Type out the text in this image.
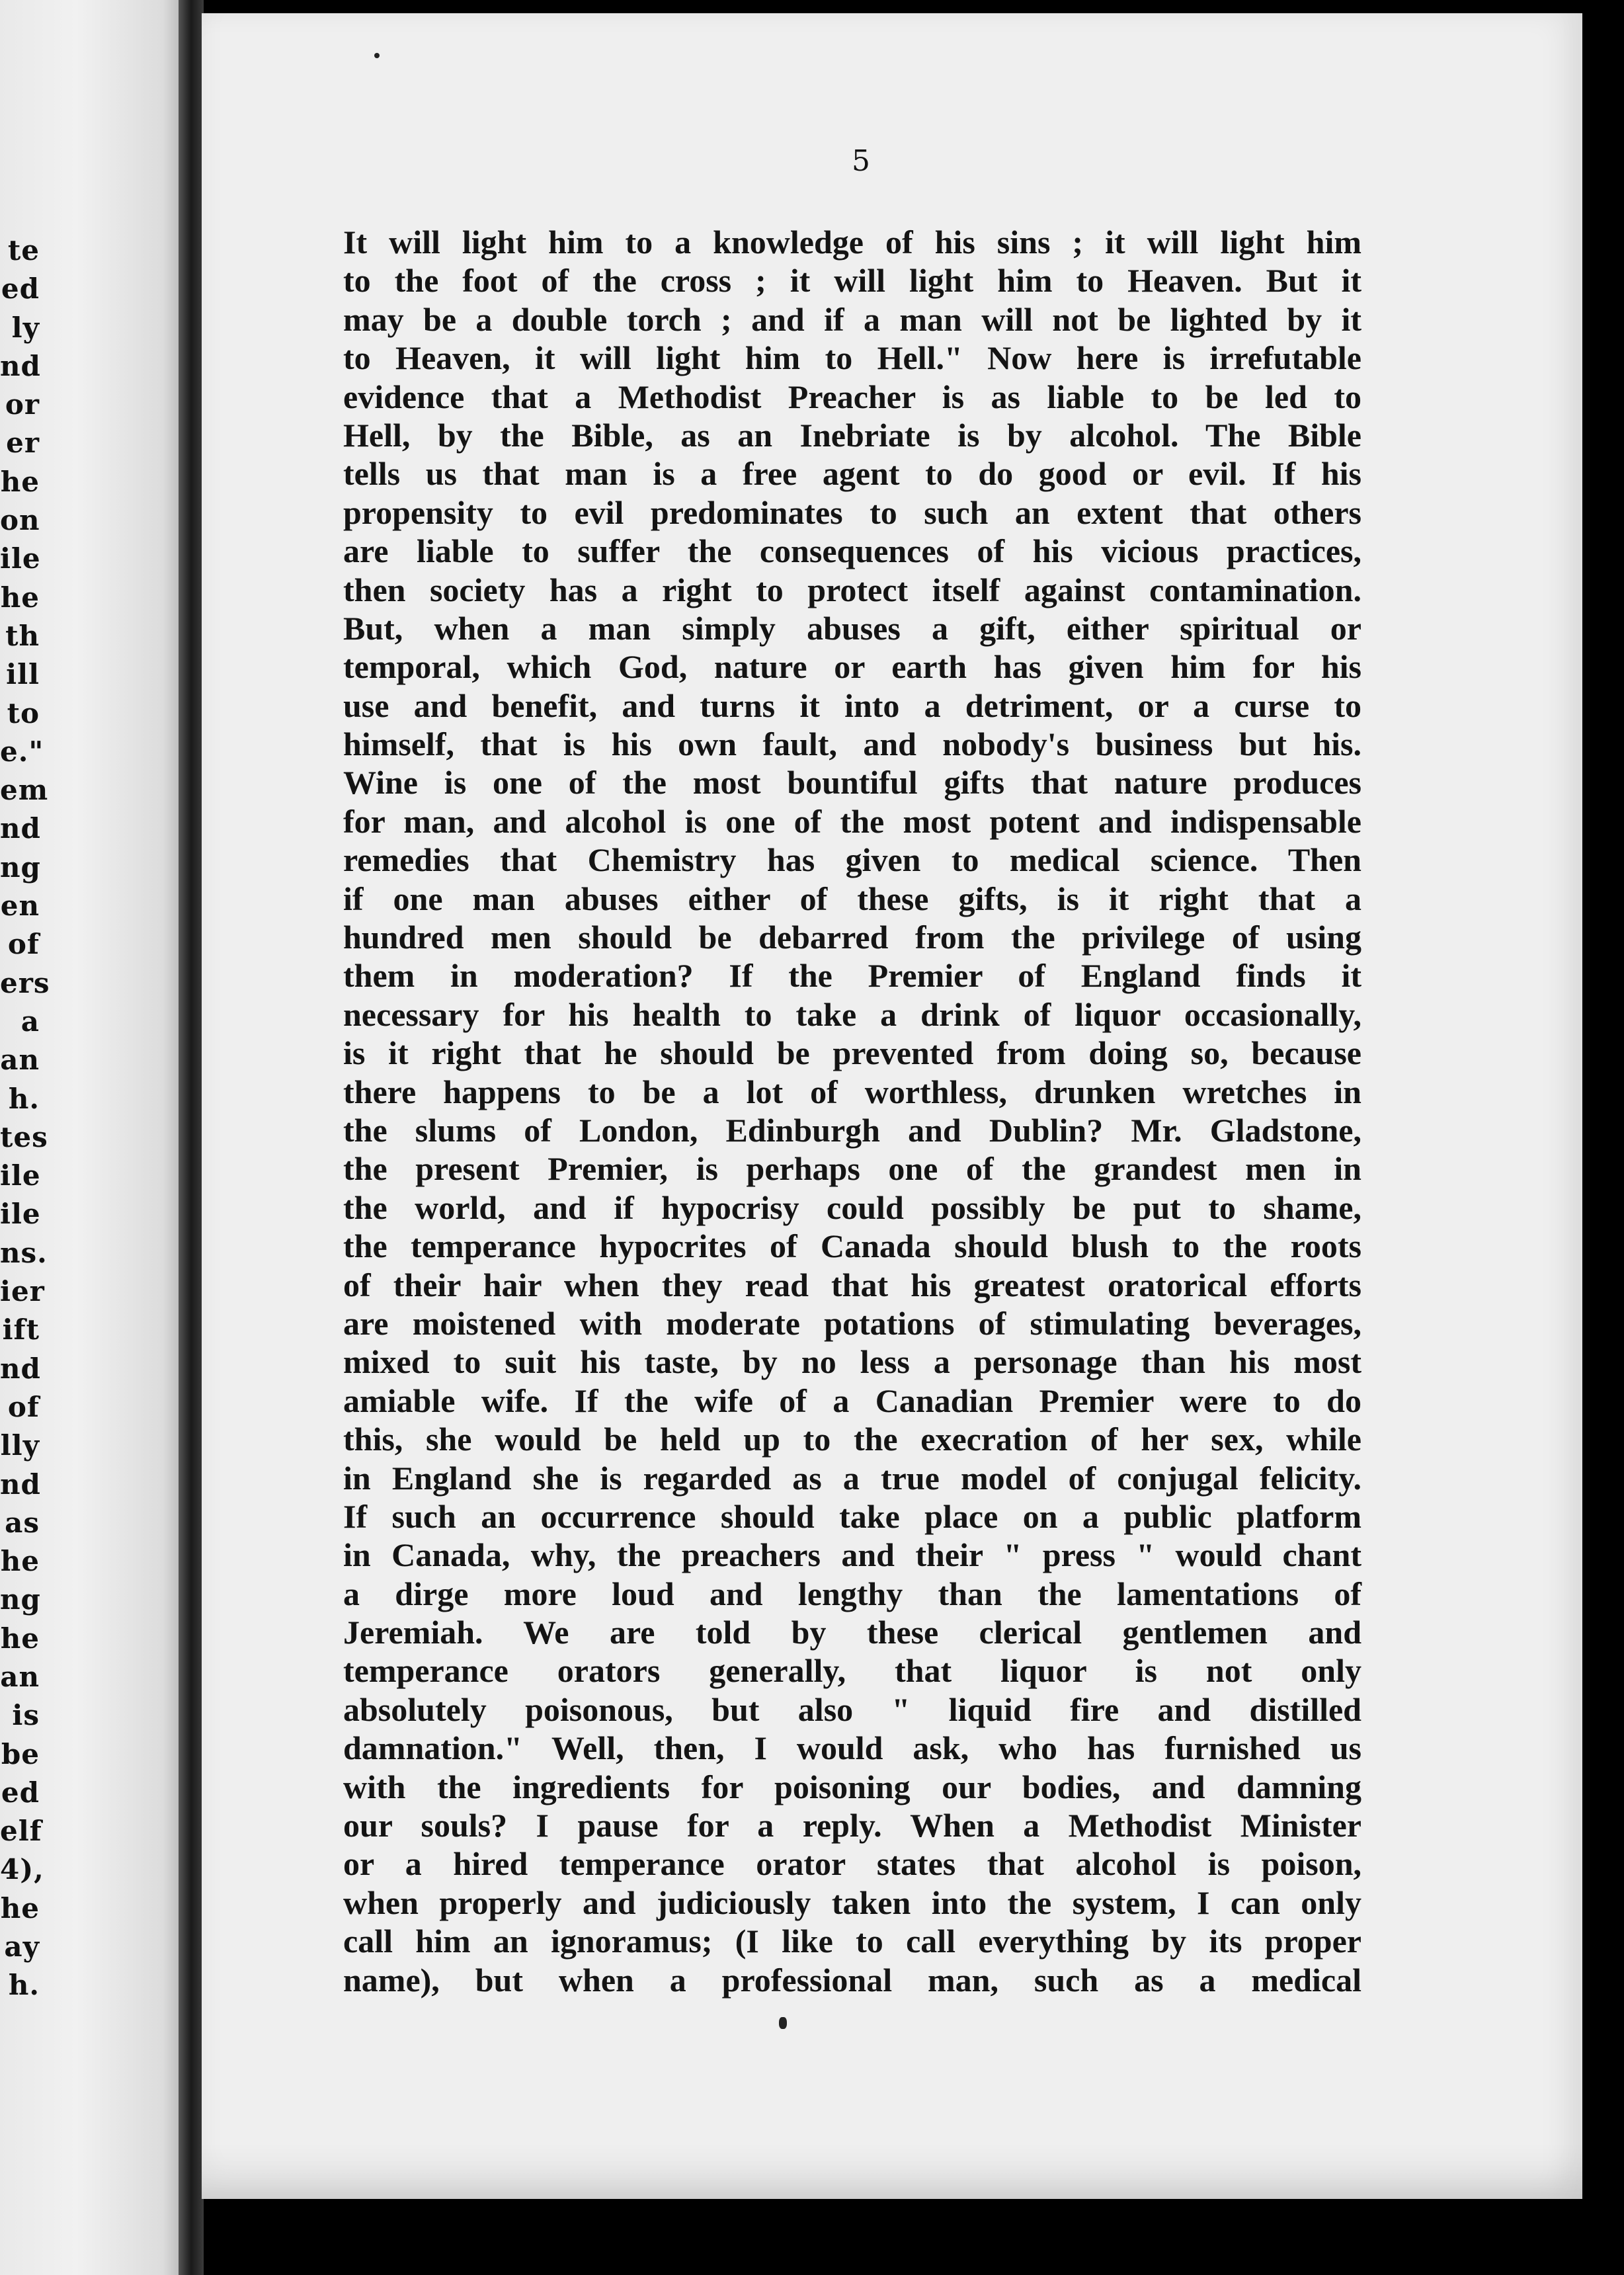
te
ed
ly
nd
or
er
he
on
ile
he
th
ill
to
e."
em
nd
ng
en
of
ers
a
an
h.
tes
ile
ile
ns.
ier
ift
nd
of
lly
nd
as
he
ng
he
an
is
be
ed
elf
4),
he
ay
h.
5
It will light him to a knowledge of his sins ; it will light him
to the foot of the cross ; it will light him to Heaven. But it
may be a double torch ; and if a man will not be lighted by it
to Heaven, it will light him to Hell." Now here is irrefutable
evidence that a Methodist Preacher is as liable to be led to
Hell, by the Bible, as an Inebriate is by alcohol. The Bible
tells us that man is a free agent to do good or evil. If his
propensity to evil predominates to such an extent that others
are liable to suffer the consequences of his vicious practices,
then society has a right to protect itself against contamination.
But, when a man simply abuses a gift, either spiritual or
temporal, which God, nature or earth has given him for his
use and benefit, and turns it into a detriment, or a curse to
himself, that is his own fault, and nobody's business but his.
Wine is one of the most bountiful gifts that nature produces
for man, and alcohol is one of the most potent and indispensable
remedies that Chemistry has given to medical science. Then
if one man abuses either of these gifts, is it right that a
hundred men should be debarred from the privilege of using
them in moderation? If the Premier of England finds it
necessary for his health to take a drink of liquor occasionally,
is it right that he should be prevented from doing so, because
there happens to be a lot of worthless, drunken wretches in
the slums of London, Edinburgh and Dublin? Mr. Gladstone,
the present Premier, is perhaps one of the grandest men in
the world, and if hypocrisy could possibly be put to shame,
the temperance hypocrites of Canada should blush to the roots
of their hair when they read that his greatest oratorical efforts
are moistened with moderate potations of stimulating beverages,
mixed to suit his taste, by no less a personage than his most
amiable wife. If the wife of a Canadian Premier were to do
this, she would be held up to the execration of her sex, while
in England she is regarded as a true model of conjugal felicity.
If such an occurrence should take place on a public platform
in Canada, why, the preachers and their " press " would chant
a dirge more loud and lengthy than the lamentations of
Jeremiah. We are told by these clerical gentlemen and
temperance orators generally, that liquor is not only
absolutely poisonous, but also " liquid fire and distilled
damnation." Well, then, I would ask, who has furnished us
with the ingredients for poisoning our bodies, and damning
our souls? I pause for a reply. When a Methodist Minister
or a hired temperance orator states that alcohol is poison,
when properly and judiciously taken into the system, I can only
call him an ignoramus; (I like to call everything by its proper
name), but when a professional man, such as a medical
